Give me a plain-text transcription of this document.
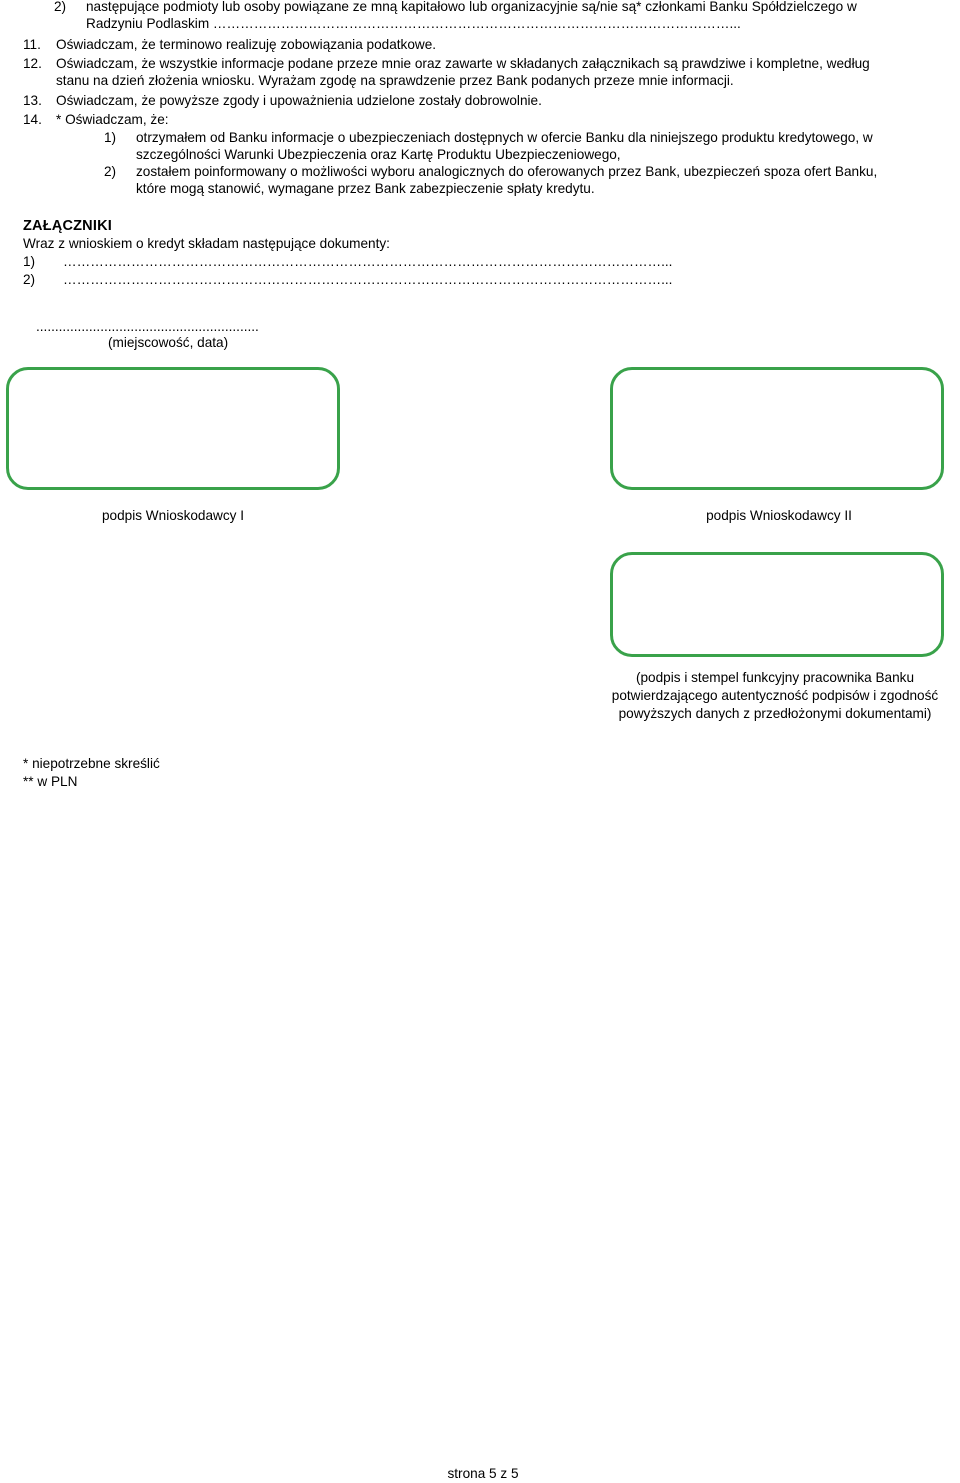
2) następujące podmioty lub osoby powiązane ze mną kapitałowo lub organizacyjnie są/nie są* członkami Banku Spółdzielczego w
Radzyniu Podlaskim ……………………………………………………………………………………………………...
11. Oświadczam, że terminowo realizuję zobowiązania podatkowe.
12. Oświadczam, że wszystkie informacje podane przeze mnie oraz zawarte w składanych załącznikach są prawdziwe i kompletne, według
stanu na dzień złożenia wniosku. Wyrażam zgodę na sprawdzenie przez Bank podanych przeze mnie informacji.
13. Oświadczam, że powyższe zgody i upoważnienia udzielone zostały dobrowolnie.
14. * Oświadczam, że:
1) otrzymałem od Banku informacje o ubezpieczeniach dostępnych w ofercie Banku dla niniejszego produktu kredytowego, w
szczególności Warunki Ubezpieczenia oraz Kartę Produktu Ubezpieczeniowego,
2) zostałem poinformowany o możliwości wyboru analogicznych do oferowanych przez Bank, ubezpieczeń spoza ofert Banku,
które mogą stanowić, wymagane przez Bank zabezpieczenie spłaty kredytu.
ZAŁĄCZNIKI
Wraz z wnioskiem o kredyt składam następujące dokumenty:
1) ……………………………………………………………………………………………………………………...
2) ……………………………………………………………………………………………………………………...
...........................................................
(miejscowość, data)
podpis Wnioskodawcy I	podpis Wnioskodawcy II
(podpis i stempel funkcyjny pracownika Banku
potwierdzającego autentyczność podpisów i zgodność
powyższych danych z przedłożonymi dokumentami)
* niepotrzebne skreślić
** w PLN
strona 5 z 5
